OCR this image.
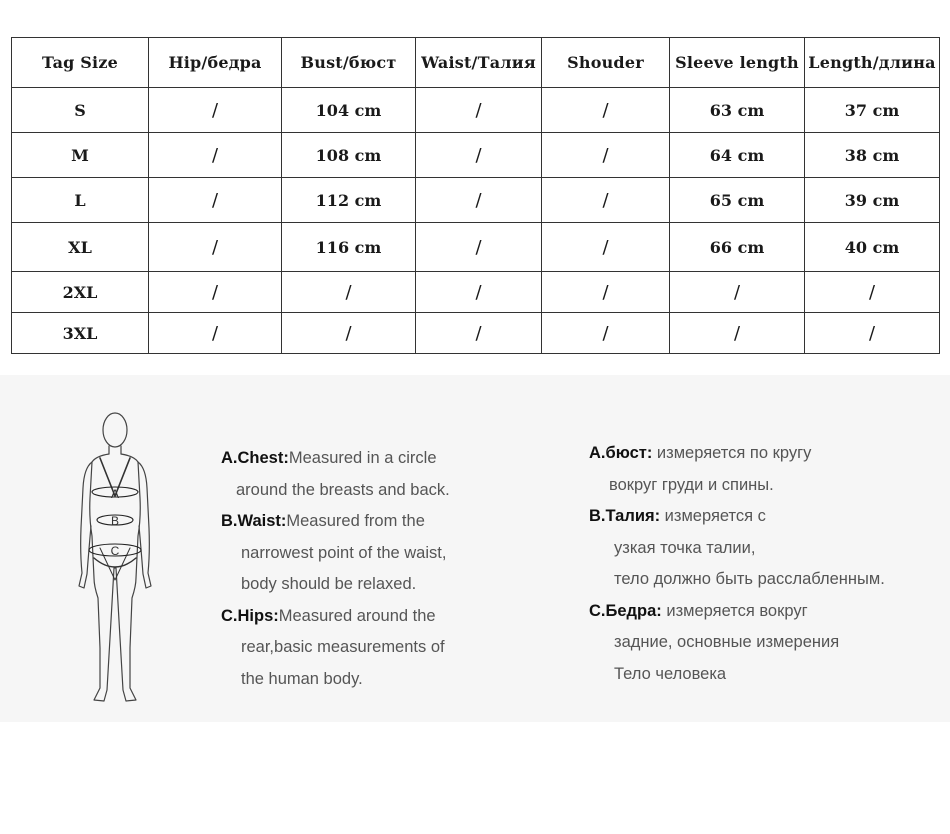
Tag Size	Hip/бедра	Bust/бюст	Waist/Талия	Shouder	Sleeve length	Length/длина
S	/	104 cm	/	/	63 cm	37 cm
M	/	108 cm	/	/	64 cm	38 cm
L	/	112 cm	/	/	65 cm	39 cm
XL	/	116 cm	/	/	66 cm	40 cm
2XL	/	/	/	/	/	/
3XL	/	/	/	/	/	/
A
B
C
A.Chest:Measured in a circle
around the breasts and back.
B.Waist:Measured from the
narrowest point of the waist,
body should be relaxed.
C.Hips:Measured around the
rear,basic measurements of
the human body.
A.бюст: измеряется по кругу
вокруг груди и спины.
B.Талия: измеряется с
узкая точка талии,
тело должно быть расслабленным.
C.Бедра: измеряется вокруг
задние, основные измерения
Тело человека
